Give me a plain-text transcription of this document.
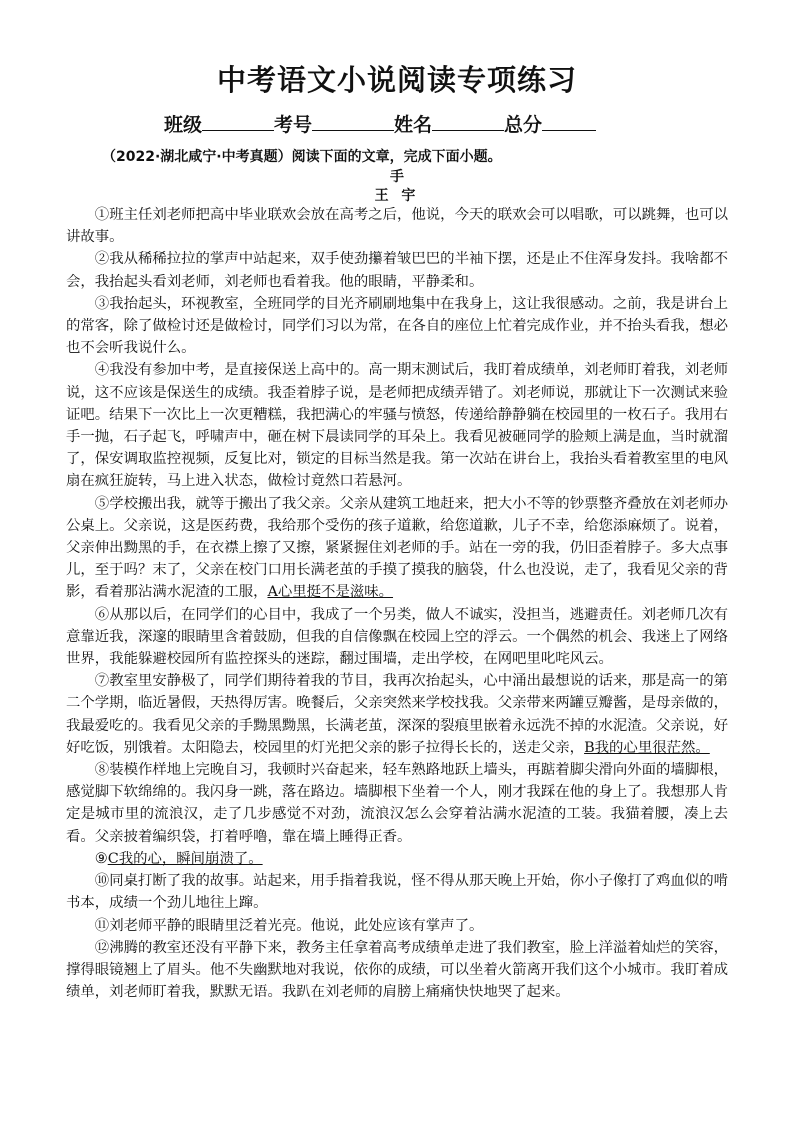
中考语文小说阅读专项练习
班级	考号	姓名	总分
（2022·湖北咸宁·中考真题）阅读下面的文章，完成下面小题。
手
王 宇

①班主任刘老师把高中毕业联欢会放在高考之后，他说，今天的联欢会可以唱歌，可以跳舞，也可以讲故事。

②我从稀稀拉拉的掌声中站起来，双手使劲攥着皱巴巴的半袖下摆，还是止不住浑身发抖。我啥都不会，我抬起头看刘老师，刘老师也看着我。他的眼睛，平静柔和。

③我抬起头，环视教室，全班同学的目光齐刷刷地集中在我身上，这让我很感动。之前，我是讲台上的常客，除了做检讨还是做检讨，同学们习以为常，在各自的座位上忙着完成作业，并不抬头看我，想必也不会听我说什么。

④我没有参加中考，是直接保送上高中的。高一期末测试后，我盯着成绩单，刘老师盯着我，刘老师说，这不应该是保送生的成绩。我歪着脖子说，是老师把成绩弄错了。刘老师说，那就让下一次测试来验证吧。结果下一次比上一次更糟糕，我把满心的牢骚与愤怒，传递给静静躺在校园里的一枚石子。我用右手一抛，石子起飞，呼啸声中，砸在树下晨读同学的耳朵上。我看见被砸同学的脸颊上满是血，当时就溜了，保安调取监控视频，反复比对，锁定的目标当然是我。第一次站在讲台上，我抬头看着教室里的电风扇在疯狂旋转，马上进入状态，做检讨竟然口若悬河。

⑤学校搬出我，就等于搬出了我父亲。父亲从建筑工地赶来，把大小不等的钞票整齐叠放在刘老师办公桌上。父亲说，这是医药费，我给那个受伤的孩子道歉，给您道歉，儿子不幸，给您添麻烦了。说着，父亲伸出黝黑的手，在衣襟上擦了又擦，紧紧握住刘老师的手。站在一旁的我，仍旧歪着脖子。多大点事儿，至于吗？末了，父亲在校门口用长满老茧的手摸了摸我的脑袋，什么也没说，走了，我看见父亲的背影，看着那沾满水泥渣的工服，A心里挺不是滋味。

⑥从那以后，在同学们的心目中，我成了一个另类，做人不诚实，没担当，逃避责任。刘老师几次有意靠近我，深邃的眼睛里含着鼓励，但我的自信像飘在校园上空的浮云。一个偶然的机会、我迷上了网络世界，我能躲避校园所有监控探头的迷踪，翻过围墙，走出学校，在网吧里叱咤风云。

⑦教室里安静极了，同学们期待着我的节目，我再次抬起头，心中涌出最想说的话来，那是高一的第二个学期，临近暑假，天热得厉害。晚餐后，父亲突然来学校找我。父亲带来两罐豆瓣酱，是母亲做的，我最爱吃的。我看见父亲的手黝黑黝黑，长满老茧，深深的裂痕里嵌着永远洗不掉的水泥渣。父亲说，好好吃饭，别饿着。太阳隐去，校园里的灯光把父亲的影子拉得长长的，送走父亲，B我的心里很茫然。

⑧装模作样地上完晚自习，我顿时兴奋起来，轻车熟路地跃上墙头，再踮着脚尖滑向外面的墙脚根，感觉脚下软绵绵的。我闪身一跳，落在路边。墙脚根下坐着一个人，刚才我踩在他的身上了。我想那人肯定是城市里的流浪汉，走了几步感觉不对劲，流浪汉怎么会穿着沾满水泥渣的工装。我猫着腰，凑上去看。父亲披着编织袋，打着呼噜，靠在墙上睡得正香。

⑨C我的心，瞬间崩溃了。

⑩同桌打断了我的故事。站起来，用手指着我说，怪不得从那天晚上开始，你小子像打了鸡血似的啃书本，成绩一个劲儿地往上蹿。

⑪刘老师平静的眼睛里泛着光亮。他说，此处应该有掌声了。

⑫沸腾的教室还没有平静下来，教务主任拿着高考成绩单走进了我们教室，脸上洋溢着灿烂的笑容，撑得眼镜翘上了眉头。他不失幽默地对我说，依你的成绩，可以坐着火箭离开我们这个小城市。我盯着成绩单，刘老师盯着我，默默无语。我趴在刘老师的肩膀上痛痛快快地哭了起来。
